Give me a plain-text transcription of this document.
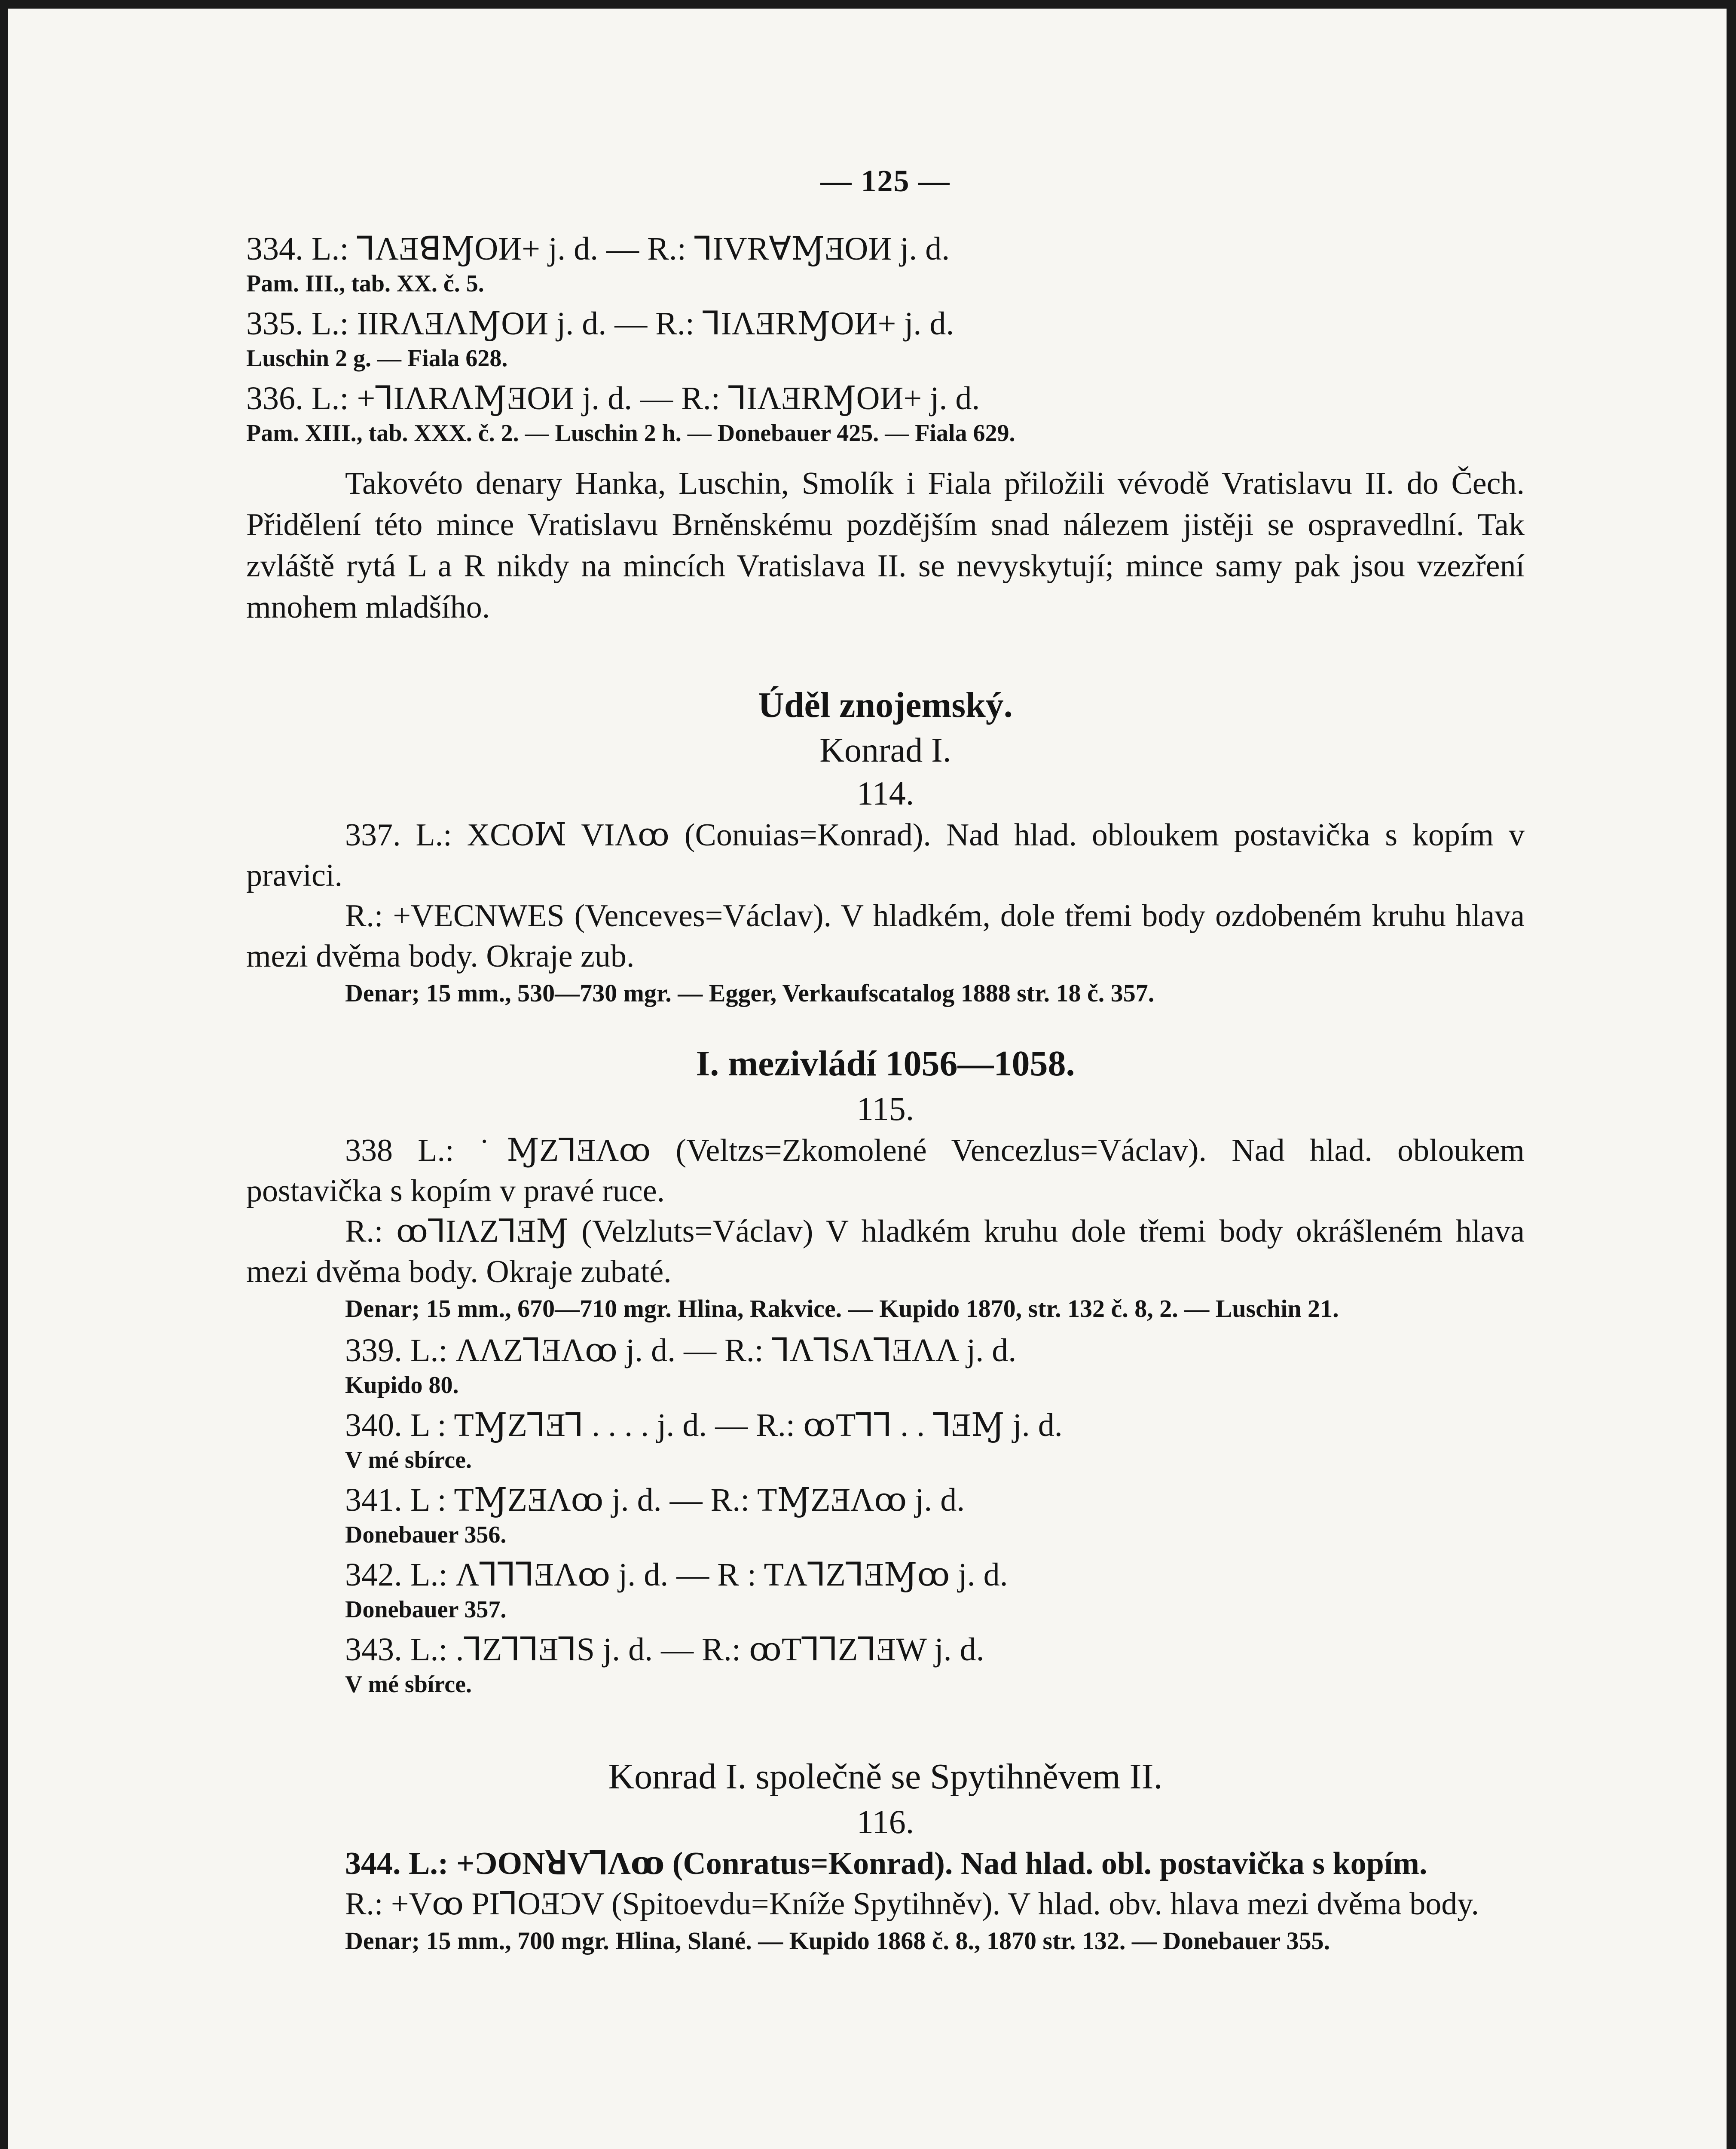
— 125 —
334. L.: ꓶΛƎꓭⱮOИ+ j. d. — R.: ꓶIVRꓯⱮƎOИ j. d.
Pam. III., tab. XX. č. 5.
335. L.: IIRΛƎΛⱮOИ j. d. — R.: ꓶIΛƎRⱮOИ+ j. d.
Luschin 2 g. — Fiala 628.
336. L.: +ꓶIΛRΛⱮƎOИ j. d. — R.: ꓶIΛƎRⱮOИ+ j. d.
Pam. XIII., tab. XXX. č. 2. — Luschin 2 h. — Donebauer 425. — Fiala 629.
Takovéto denary Hanka, Luschin, Smolík i Fiala přiložili vévodě Vratislavu II. do Čech. Přidělení této mince Vratislavu Brněnskému pozdějším snad nálezem jistěji se ospravedlní. Tak zvláště rytá L a R nikdy na mincích Vratislava II. se nevyskytují; mince samy pak jsou vzezření mnohem mladšího.
Úděl znojemský.
Konrad I.
114.
337. L.: XCOꟽ VIΛꝏ (Conuias=Konrad). Nad hlad. obloukem postavička s kopím v pravici.
R.: +VECNWES (Venceves=Václav). V hladkém, dole třemi body ozdobeném kruhu hlava mezi dvěma body. Okraje zub.
Denar; 15 mm., 530—730 mgr. — Egger, Verkaufscatalog 1888 str. 18 č. 357.
I. mezivládí 1056—1058.
115.
338 L.: ˙ⱮZꓶƎΛꝏ (Veltzs=Zkomolené Vencezlus=Václav). Nad hlad. obloukem postavička s kopím v pravé ruce.
R.: ꝏꓶIΛZꓶƎⱮ (Velzluts=Václav) V hladkém kruhu dole třemi body okrášleném hlava mezi dvěma body. Okraje zubaté.
Denar; 15 mm., 670—710 mgr. Hlina, Rakvice. — Kupido 1870, str. 132 č. 8, 2. — Luschin 21.
339. L.: ΛΛZꓶƎΛꝏ j. d. — R.: ꓶΛꓶSΛꓶƎΛΛ j. d.
Kupido 80.
340. L : TⱮZꓶƎꓶ . . . . j. d. — R.: ꝏTꓶꓶ . . ꓶƎⱮ j. d.
V mé sbírce.
341. L : TⱮZƎΛꝏ j. d. — R.: TⱮZƎΛꝏ j. d.
Donebauer 356.
342. L.: ΛꓶꓶꓶƎΛꝏ j. d. — R : TΛꓶZꓶƎⱮꝏ j. d.
Donebauer 357.
343. L.: .ꓶZꓶꓶƎꓶS j. d. — R.: ꝏTꓶꓶZꓶƎW j. d.
V mé sbírce.
Konrad I. společně se Spytihněvem II.
116.
344. L.: +ƆONꓤVꓶΛꝏ (Conratus=Konrad). Nad hlad. obl. postavička s kopím.
R.: +Vꝏ PIꓶOƎƆV (Spitoevdu=Kníže Spytihněv). V hlad. obv. hlava mezi dvěma body.
Denar; 15 mm., 700 mgr. Hlina, Slané. — Kupido 1868 č. 8., 1870 str. 132. — Donebauer 355.
